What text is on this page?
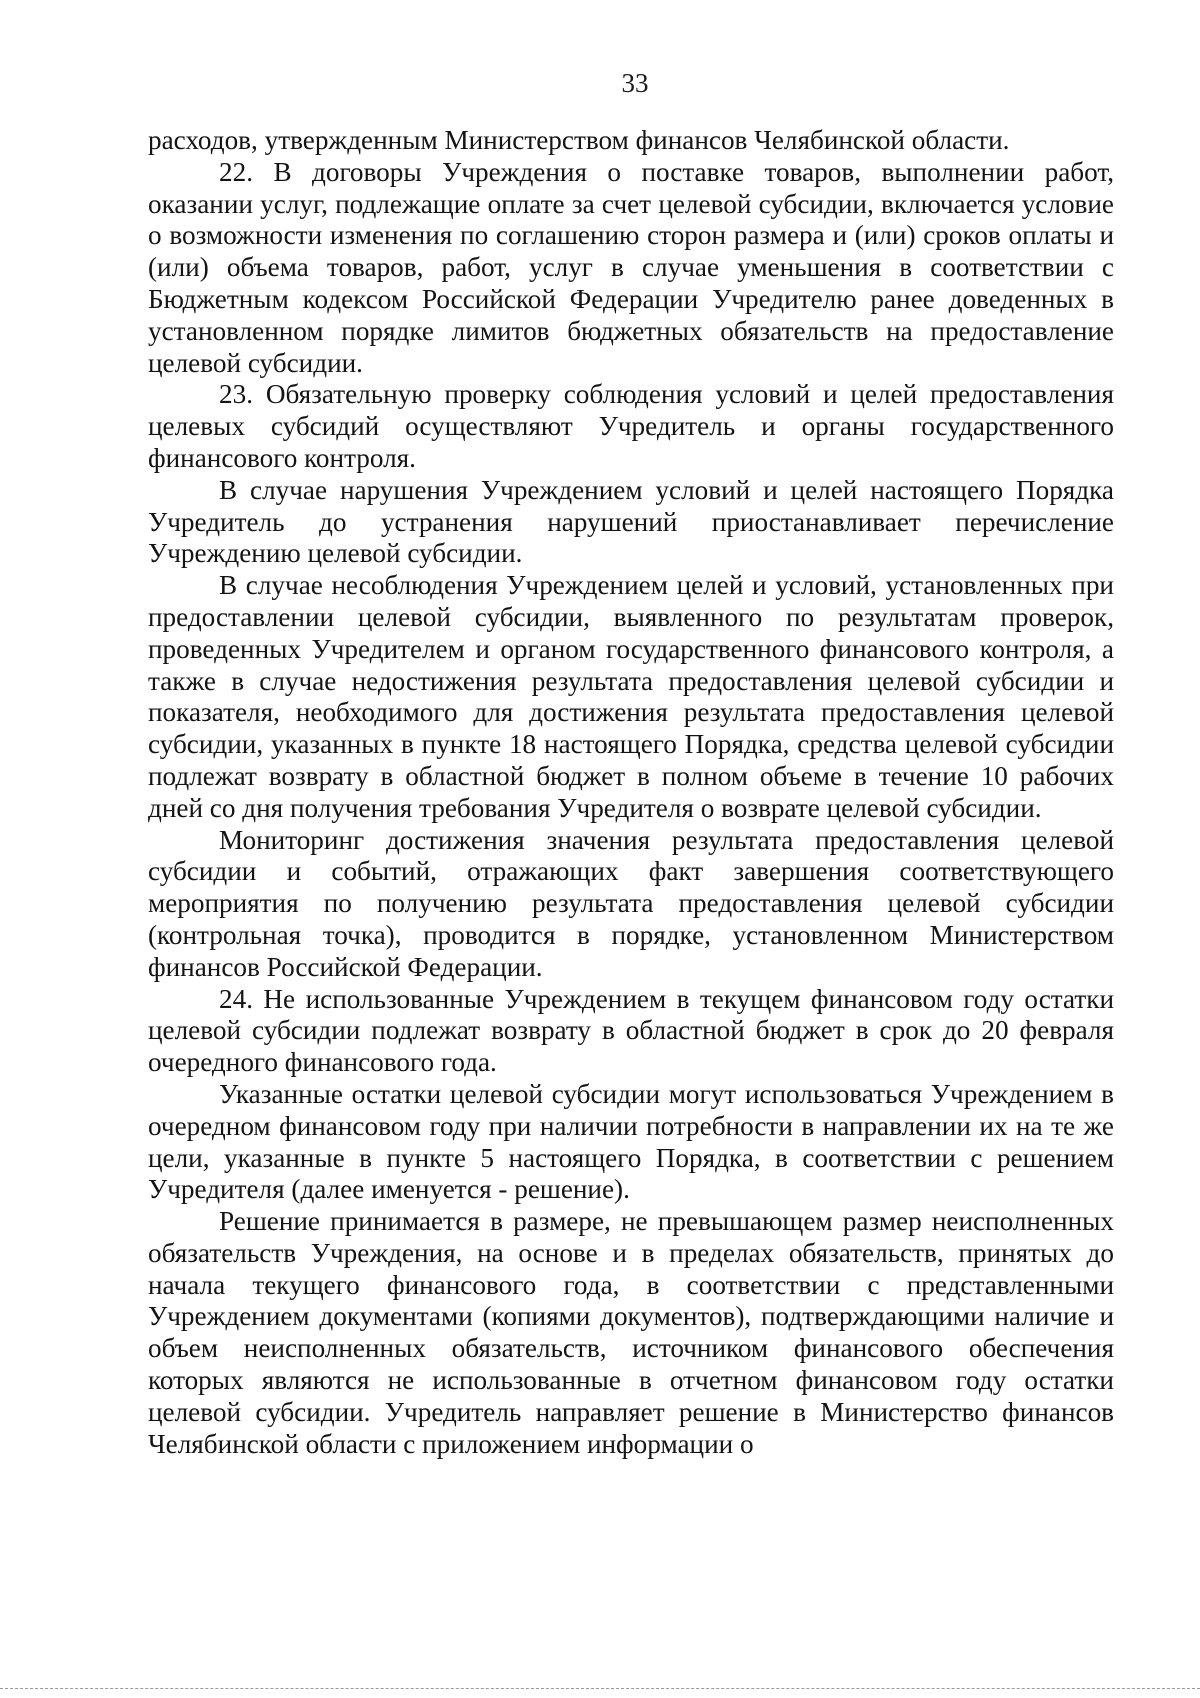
33

расходов, утвержденным Министерством финансов Челябинской области.

22. В договоры Учреждения о поставке товаров, выполнении работ, оказании услуг, подлежащие оплате за счет целевой субсидии, включается условие о возможности изменения по соглашению сторон размера и (или) сроков оплаты и (или) объема товаров, работ, услуг в случае уменьшения в соответствии с Бюджетным кодексом Российской Федерации Учредителю ранее доведенных в установленном порядке лимитов бюджетных обязательств на предоставление целевой субсидии.

23. Обязательную проверку соблюдения условий и целей предоставления целевых субсидий осуществляют Учредитель и органы государственного финансового контроля.

В случае нарушения Учреждением условий и целей настоящего Порядка Учредитель до устранения нарушений приостанавливает перечисление Учреждению целевой субсидии.

В случае несоблюдения Учреждением целей и условий, установленных при предоставлении целевой субсидии, выявленного по результатам проверок, проведенных Учредителем и органом государственного финансового контроля, а также в случае недостижения результата предоставления целевой субсидии и показателя, необходимого для достижения результата предоставления целевой субсидии, указанных в пункте 18 настоящего Порядка, средства целевой субсидии подлежат возврату в областной бюджет в полном объеме в течение 10 рабочих дней со дня получения требования Учредителя о возврате целевой субсидии.

Мониторинг достижения значения результата предоставления целевой субсидии и событий, отражающих факт завершения соответствующего мероприятия по получению результата предоставления целевой субсидии (контрольная точка), проводится в порядке, установленном Министерством финансов Российской Федерации.

24. Не использованные Учреждением в текущем финансовом году остатки целевой субсидии подлежат возврату в областной бюджет в срок до 20 февраля очередного финансового года.

Указанные остатки целевой субсидии могут использоваться Учреждением в очередном финансовом году при наличии потребности в направлении их на те же цели, указанные в пункте 5 настоящего Порядка, в соответствии с решением Учредителя (далее именуется - решение).

Решение принимается в размере, не превышающем размер неисполненных обязательств Учреждения, на основе и в пределах обязательств, принятых до начала текущего финансового года, в соответствии с представленными Учреждением документами (копиями документов), подтверждающими наличие и объем неисполненных обязательств, источником финансового обеспечения которых являются не использованные в отчетном финансовом году остатки целевой субсидии. Учредитель направляет решение в Министерство финансов Челябинской области с приложением информации о
